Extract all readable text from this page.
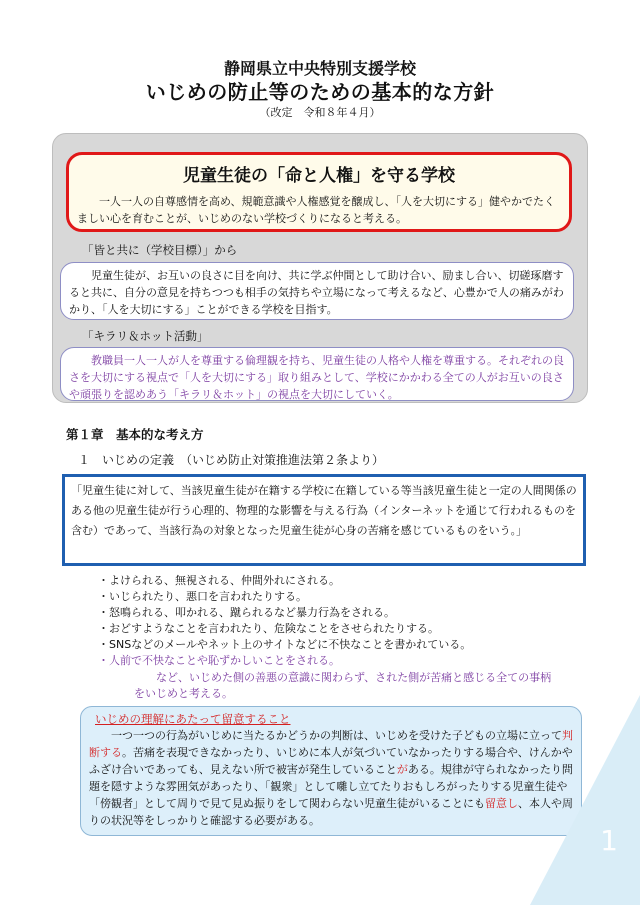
静岡県立中央特別支援学校
いじめの防止等のための基本的な方針
（改定　令和８年４月）
児童生徒の「命と人権」を守る学校
一人一人の自尊感情を高め、規範意識や人権感覚を醸成し、「人を大切にする」健やかでたくましい心を育むことが、いじめのない学校づくりになると考える。
「皆と共に（学校目標）」から
児童生徒が、お互いの良さに目を向け、共に学ぶ仲間として助け合い、励まし合い、切磋琢磨すると共に、自分の意見を持ちつつも相手の気持ちや立場になって考えるなど、心豊かで人の痛みがわかり、「人を大切にする」ことができる学校を目指す。
「キラリ＆ホット活動」
教職員一人一人が人を尊重する倫理観を持ち、児童生徒の人格や人権を尊重する。それぞれの良さを大切にする視点で「人を大切にする」取り組みとして、学校にかかわる全ての人がお互いの良さや頑張りを認めあう「キラリ＆ホット」の視点を大切にしていく。
第１章　基本的な考え方
１　いじめの定義　（いじめ防止対策推進法第２条より）
「児童生徒に対して、当該児童生徒が在籍する学校に在籍している等当該児童生徒と一定の人間関係のある他の児童生徒が行う心理的、物理的な影響を与える行為（インターネットを通じて行われるものを含む）であって、当該行為の対象となった児童生徒が心身の苦痛を感じているものをいう。」
・よけられる、無視される、仲間外れにされる。
・いじられたり、悪口を言われたりする。
・怒鳴られる、叩かれる、蹴られるなど暴力行為をされる。
・おどすようなことを言われたり、危険なことをさせられたりする。
・SNSなどのメールやネット上のサイトなどに不快なことを書かれている。
・人前で不快なことや恥ずかしいことをされる。
など、いじめた側の善悪の意識に関わらず、された側が苦痛と感じる全ての事柄をいじめと考える。
いじめの理解にあたって留意すること
一つ一つの行為がいじめに当たるかどうかの判断は、いじめを受けた子どもの立場に立って判断する。苦痛を表現できなかったり、いじめに本人が気づいていなかったりする場合や、けんかやふざけ合いであっても、見えない所で被害が発生していることがある。規律が守られなかったり問題を隠すような雰囲気があったり、「観衆」として囃し立てたりおもしろがったりする児童生徒や「傍観者」として周りで見て見ぬ振りをして関わらない児童生徒がいることにも留意し、本人や周りの状況等をしっかりと確認する必要がある。
1
